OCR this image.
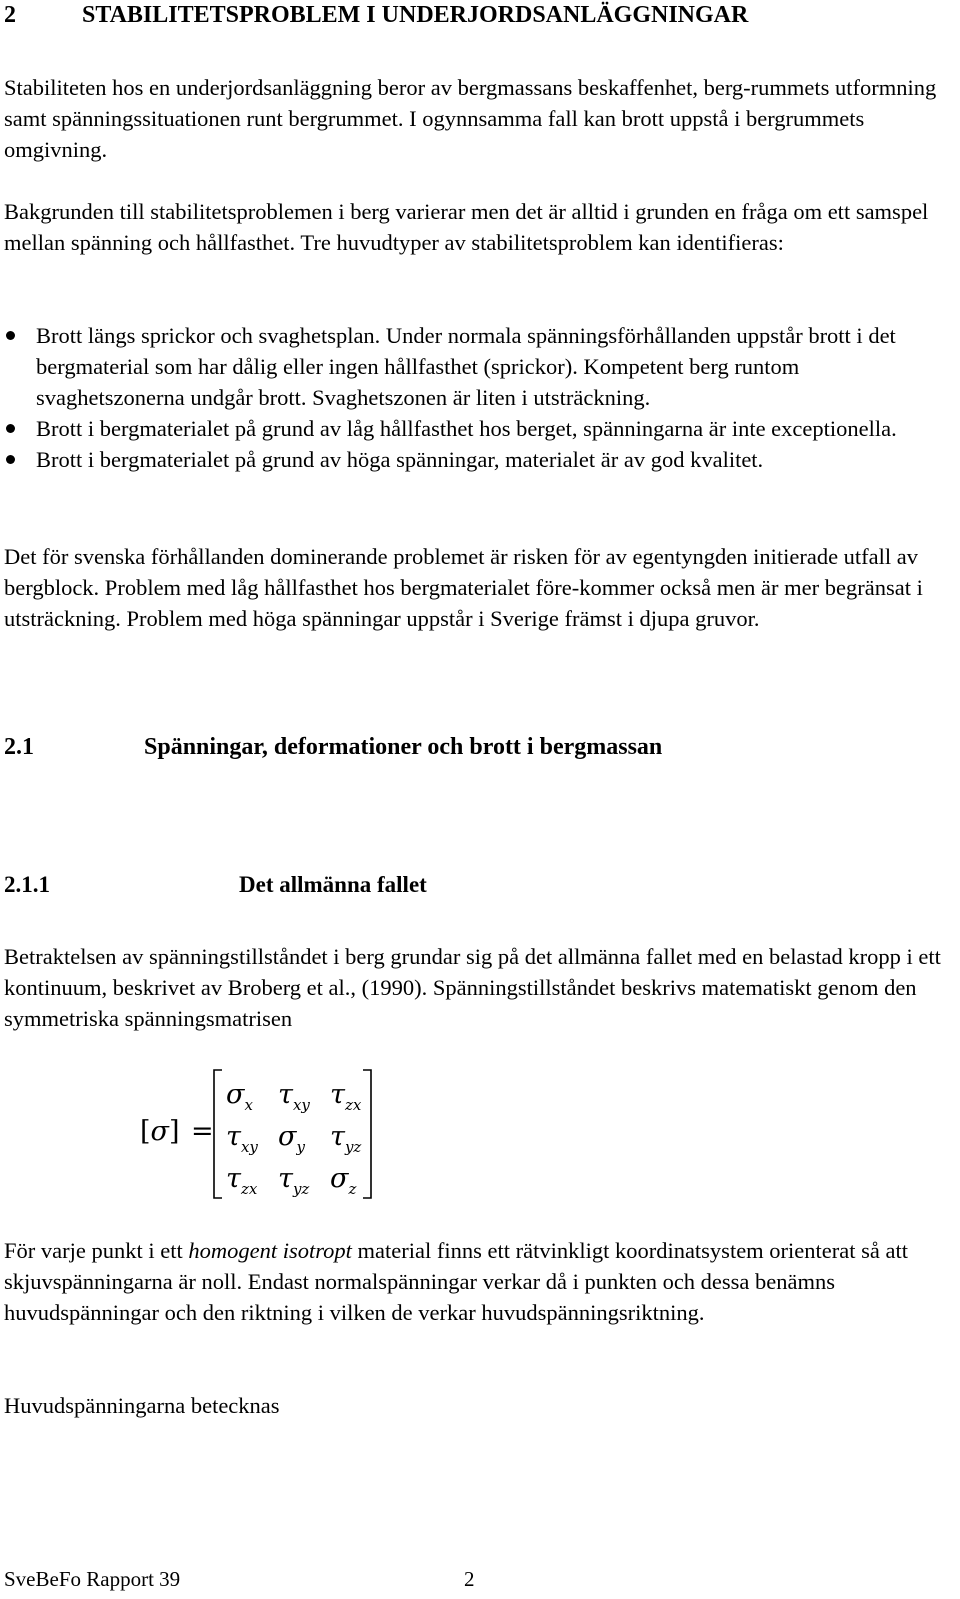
2	STABILITETSPROBLEM I UNDERJORDSANLÄGGNINGAR

Stabiliteten hos en underjordsanläggning beror av bergmassans beskaffenhet, berg-rummets utformning samt spänningssituationen runt bergrummet. I ogynnsamma fall kan brott uppstå i bergrummets omgivning.

Bakgrunden till stabilitetsproblemen i berg varierar men det är alltid i grunden en fråga om ett samspel mellan spänning och hållfasthet. Tre huvudtyper av stabilitetsproblem kan identifieras:

Brott längs sprickor och svaghetsplan. Under normala spänningsförhållanden uppstår brott i det bergmaterial som har dålig eller ingen hållfasthet (sprickor). Kompetent berg runtom svaghetszonerna undgår brott. Svaghetszonen är liten i utsträckning.
Brott i bergmaterialet på grund av låg hållfasthet hos berget, spänningarna är inte exceptionella.
Brott i bergmaterialet på grund av höga spänningar, materialet är av god kvalitet.

Det för svenska förhållanden dominerande problemet är risken för av egentyngden initierade utfall av bergblock. Problem med låg hållfasthet hos bergmaterialet före-kommer också men är mer begränsat i utsträckning. Problem med höga spänningar uppstår i Sverige främst i djupa gruvor.

2.1	Spänningar, deformationer och brott i bergmassan
2.1.1	Det allmänna fallet

Betraktelsen av spänningstillståndet i berg grundar sig på det allmänna fallet med en belastad kropp i ett kontinuum, beskrivet av Broberg et al., (1990). Spänningstillståndet beskrivs matematiskt genom den symmetriska spänningsmatrisen

[σ] =
$\sigma_x$ $\tau_{xy}$ $\tau_{zx}$
$\tau_{xy}$ $\sigma_y$ $\tau_{yz}$
$\tau_{zx}$ $\tau_{yz}$ $\sigma_z$

För varje punkt i ett homogent isotropt material finns ett rätvinkligt koordinatsystem orienterat så att skjuvspänningarna är noll. Endast normalspänningar verkar då i punkten och dessa benämns huvudspänningar och den riktning i vilken de verkar huvudspänningsriktning.

Huvudspänningarna betecknas

SveBeFo Rapport 39	2
